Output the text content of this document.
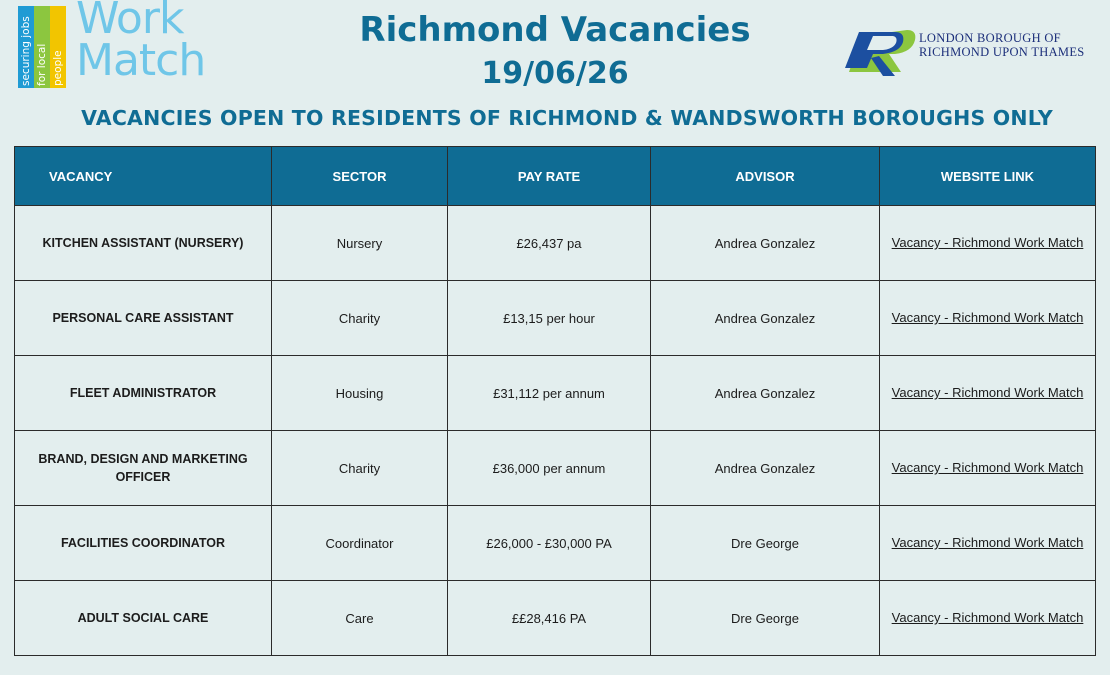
securing jobs for local people
Work
Match
Richmond Vacancies
19/06/26
LONDON BOROUGH OF
RICHMOND UPON THAMES
VACANCIES OPEN TO RESIDENTS OF RICHMOND & WANDSWORTH BOROUGHS ONLY
VACANCY	SECTOR	PAY RATE	ADVISOR	WEBSITE LINK
KITCHEN ASSISTANT (NURSERY)	Nursery	£26,437 pa	Andrea Gonzalez	Vacancy - Richmond Work Match
PERSONAL CARE ASSISTANT	Charity	£13,15 per hour	Andrea Gonzalez	Vacancy - Richmond Work Match
FLEET ADMINISTRATOR	Housing	£31,112 per annum	Andrea Gonzalez	Vacancy - Richmond Work Match
BRAND, DESIGN AND MARKETING OFFICER	Charity	£36,000 per annum	Andrea Gonzalez	Vacancy - Richmond Work Match
FACILITIES COORDINATOR	Coordinator	£26,000 - £30,000 PA	Dre George	Vacancy - Richmond Work Match
ADULT SOCIAL CARE	Care	££28,416 PA	Dre George	Vacancy - Richmond Work Match
